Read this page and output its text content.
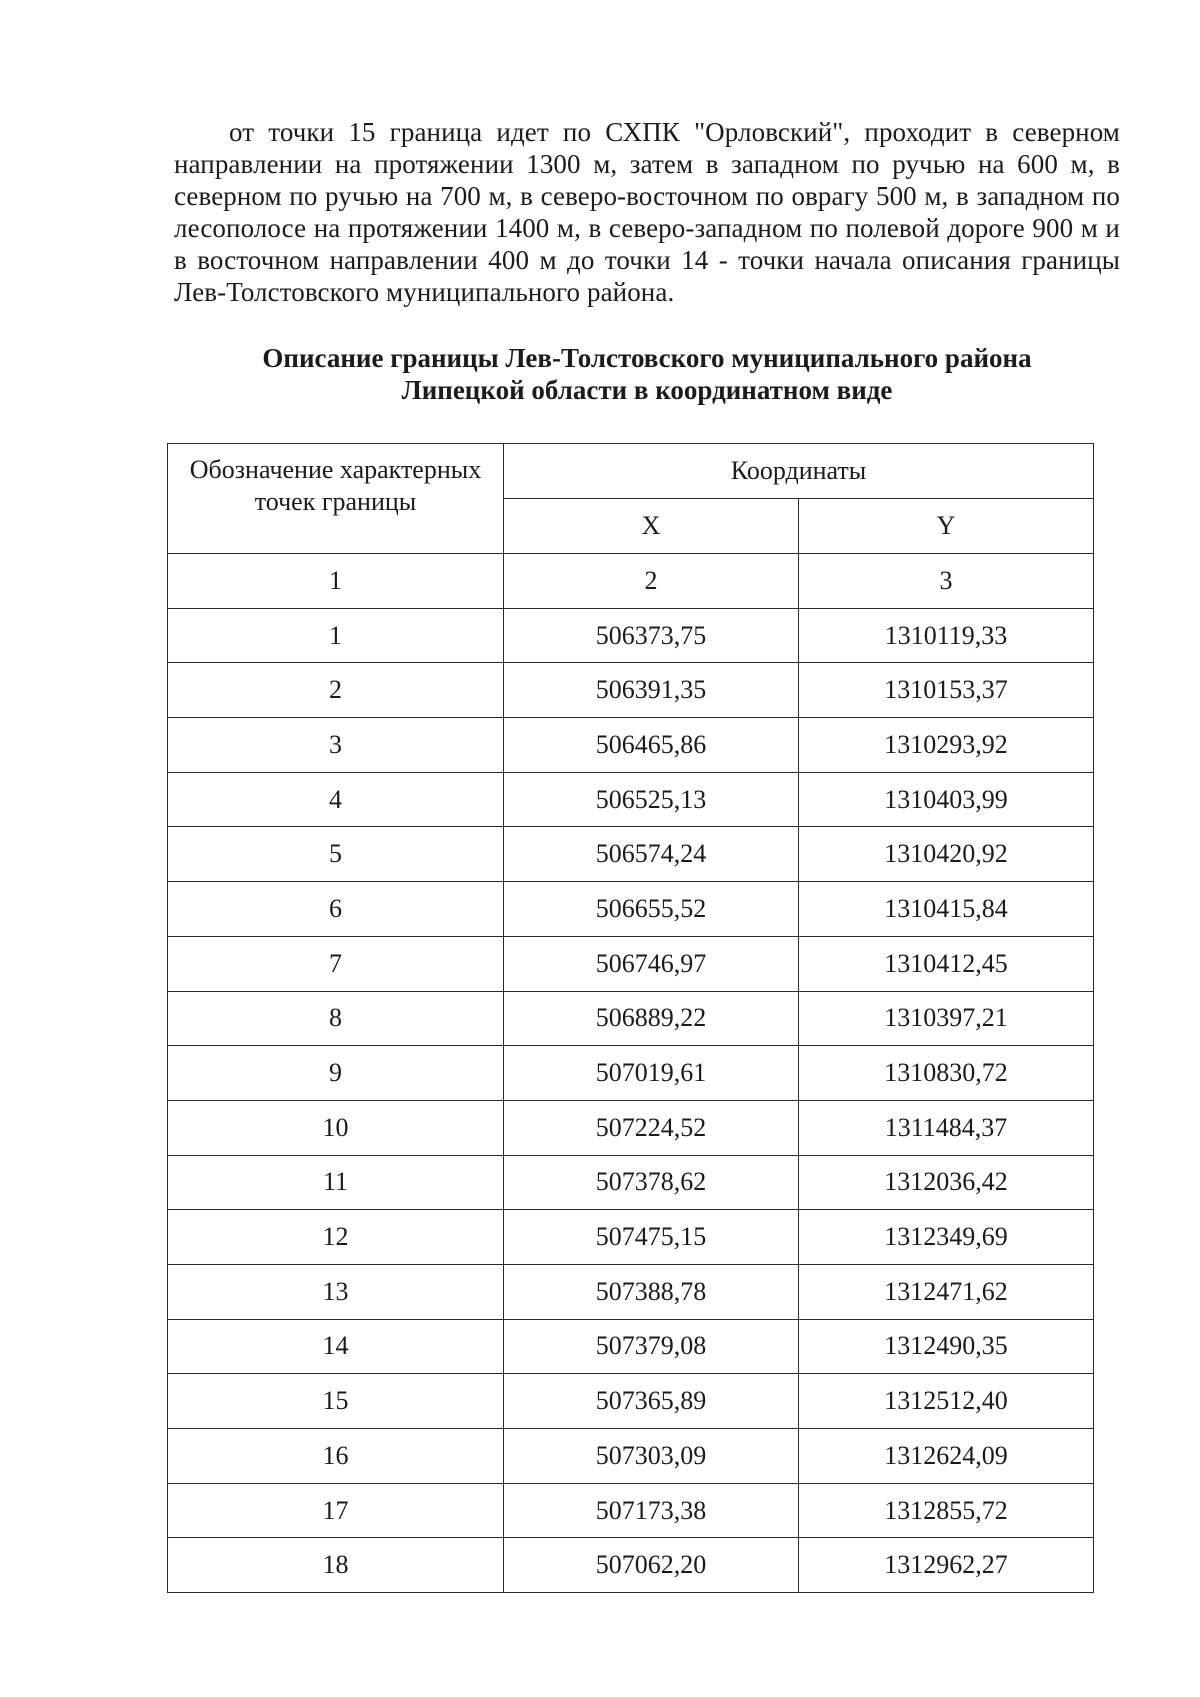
от точки 15 граница идет по СХПК "Орловский", проходит в северном направлении на протяжении 1300 м, затем в западном по ручью на 600 м, в северном по ручью на 700 м, в северо-восточном по оврагу 500 м, в западном по лесополосе на протяжении 1400 м, в северо-западном по полевой дороге 900 м и в восточном направлении 400 м до точки 14 - точки начала описания границы Лев-Толстовского муниципального района.

Описание границы Лев-Толстовского муниципального района
Липецкой области в координатном виде
Обозначение характерных точек границы	Координаты	
	X	Y
1	2	3
1	506373,75	1310119,33
2	506391,35	1310153,37
3	506465,86	1310293,92
4	506525,13	1310403,99
5	506574,24	1310420,92
6	506655,52	1310415,84
7	506746,97	1310412,45
8	506889,22	1310397,21
9	507019,61	1310830,72
10	507224,52	1311484,37
11	507378,62	1312036,42
12	507475,15	1312349,69
13	507388,78	1312471,62
14	507379,08	1312490,35
15	507365,89	1312512,40
16	507303,09	1312624,09
17	507173,38	1312855,72
18	507062,20	1312962,27
